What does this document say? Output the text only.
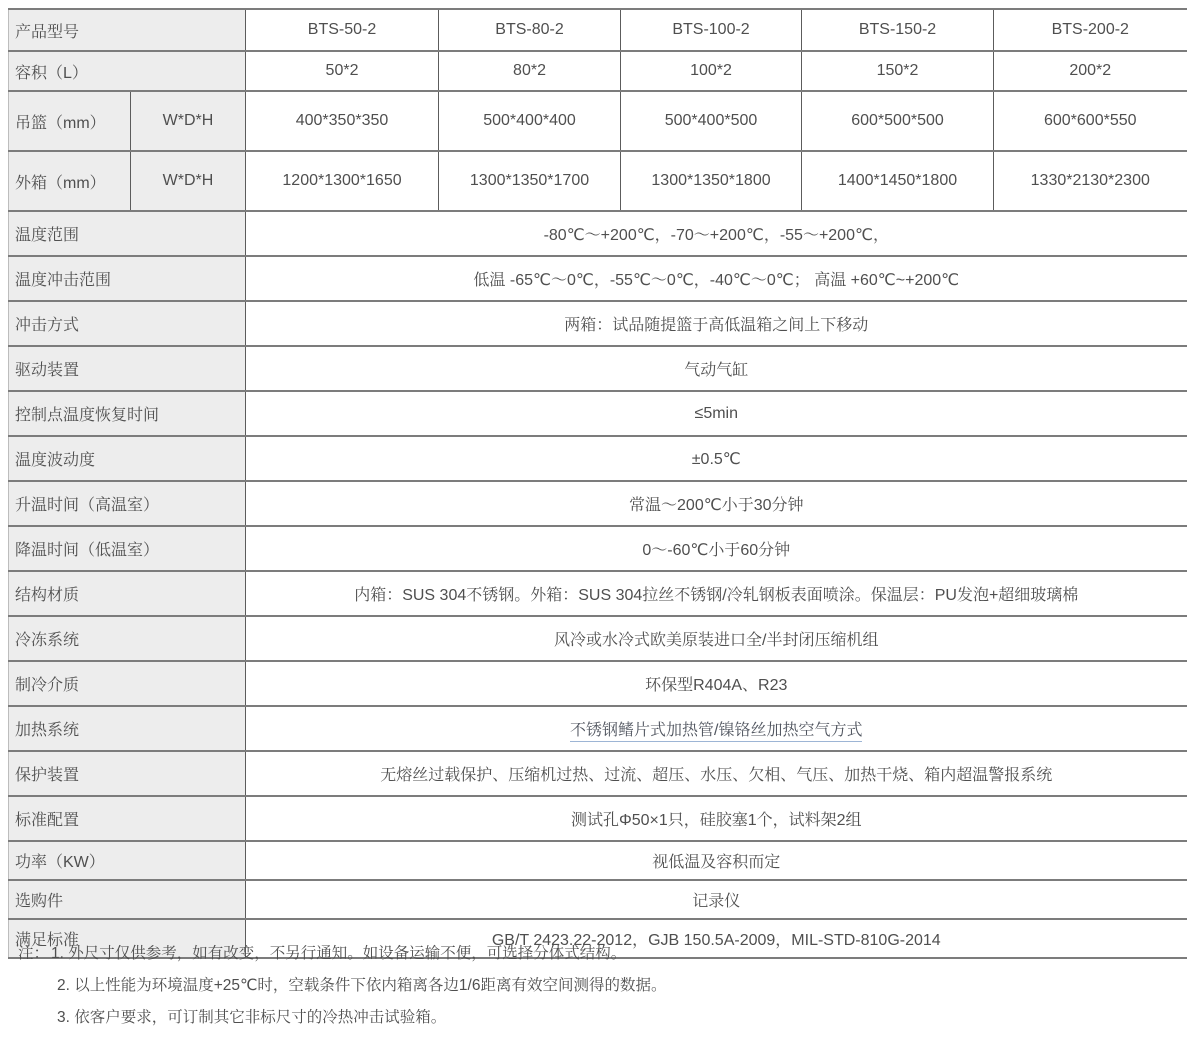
产品型号		BTS-50-2	BTS-80-2	BTS-100-2	BTS-150-2	BTS-200-2
容积（L）		50*2	80*2	100*2	150*2	200*2
吊篮（mm）	W*D*H	400*350*350	500*400*400	500*400*500	600*500*500	600*600*550
外箱（mm）	W*D*H	1200*1300*1650	1300*1350*1700	1300*1350*1800	1400*1450*1800	1330*2130*2300
温度范围		-80℃～+200℃，-70～+200℃，-55～+200℃，				
温度冲击范围		低温 -65℃～0℃，-55℃～0℃，-40℃～0℃； 高温 +60℃~+200℃				
冲击方式		两箱：试品随提篮于高低温箱之间上下移动				
驱动装置		气动气缸				
控制点温度恢复时间		≤5min				
温度波动度		±0.5℃				
升温时间（高温室）		常温～200℃小于30分钟				
降温时间（低温室）		0～-60℃小于60分钟				
结构材质		内箱：SUS 304不锈钢。外箱：SUS 304拉丝不锈钢/冷轧钢板表面喷涂。保温层：PU发泡+超细玻璃棉				
冷冻系统		风冷或水冷式欧美原装进口全/半封闭压缩机组				
制冷介质		环保型R404A、R23				
加热系统		不锈钢鳍片式加热管/镍铬丝加热空气方式				
保护装置		无熔丝过载保护、压缩机过热、过流、超压、水压、欠相、气压、加热干烧、箱内超温警报系统				
标准配置		测试孔Φ50×1只，硅胶塞1个，试料架2组				
功率（KW）		视低温及容积而定				
选购件		记录仪				
满足标准		GB/T 2423.22-2012，GJB 150.5A-2009，MIL-STD-810G-2014				
注： 1. 外尺寸仅供参考，如有改变，不另行通知。如设备运输不便，可选择分体式结构。
2. 以上性能为环境温度+25℃时，空载条件下依内箱离各边1/6距离有效空间测得的数据。
3. 依客户要求，可订制其它非标尺寸的冷热冲击试验箱。
